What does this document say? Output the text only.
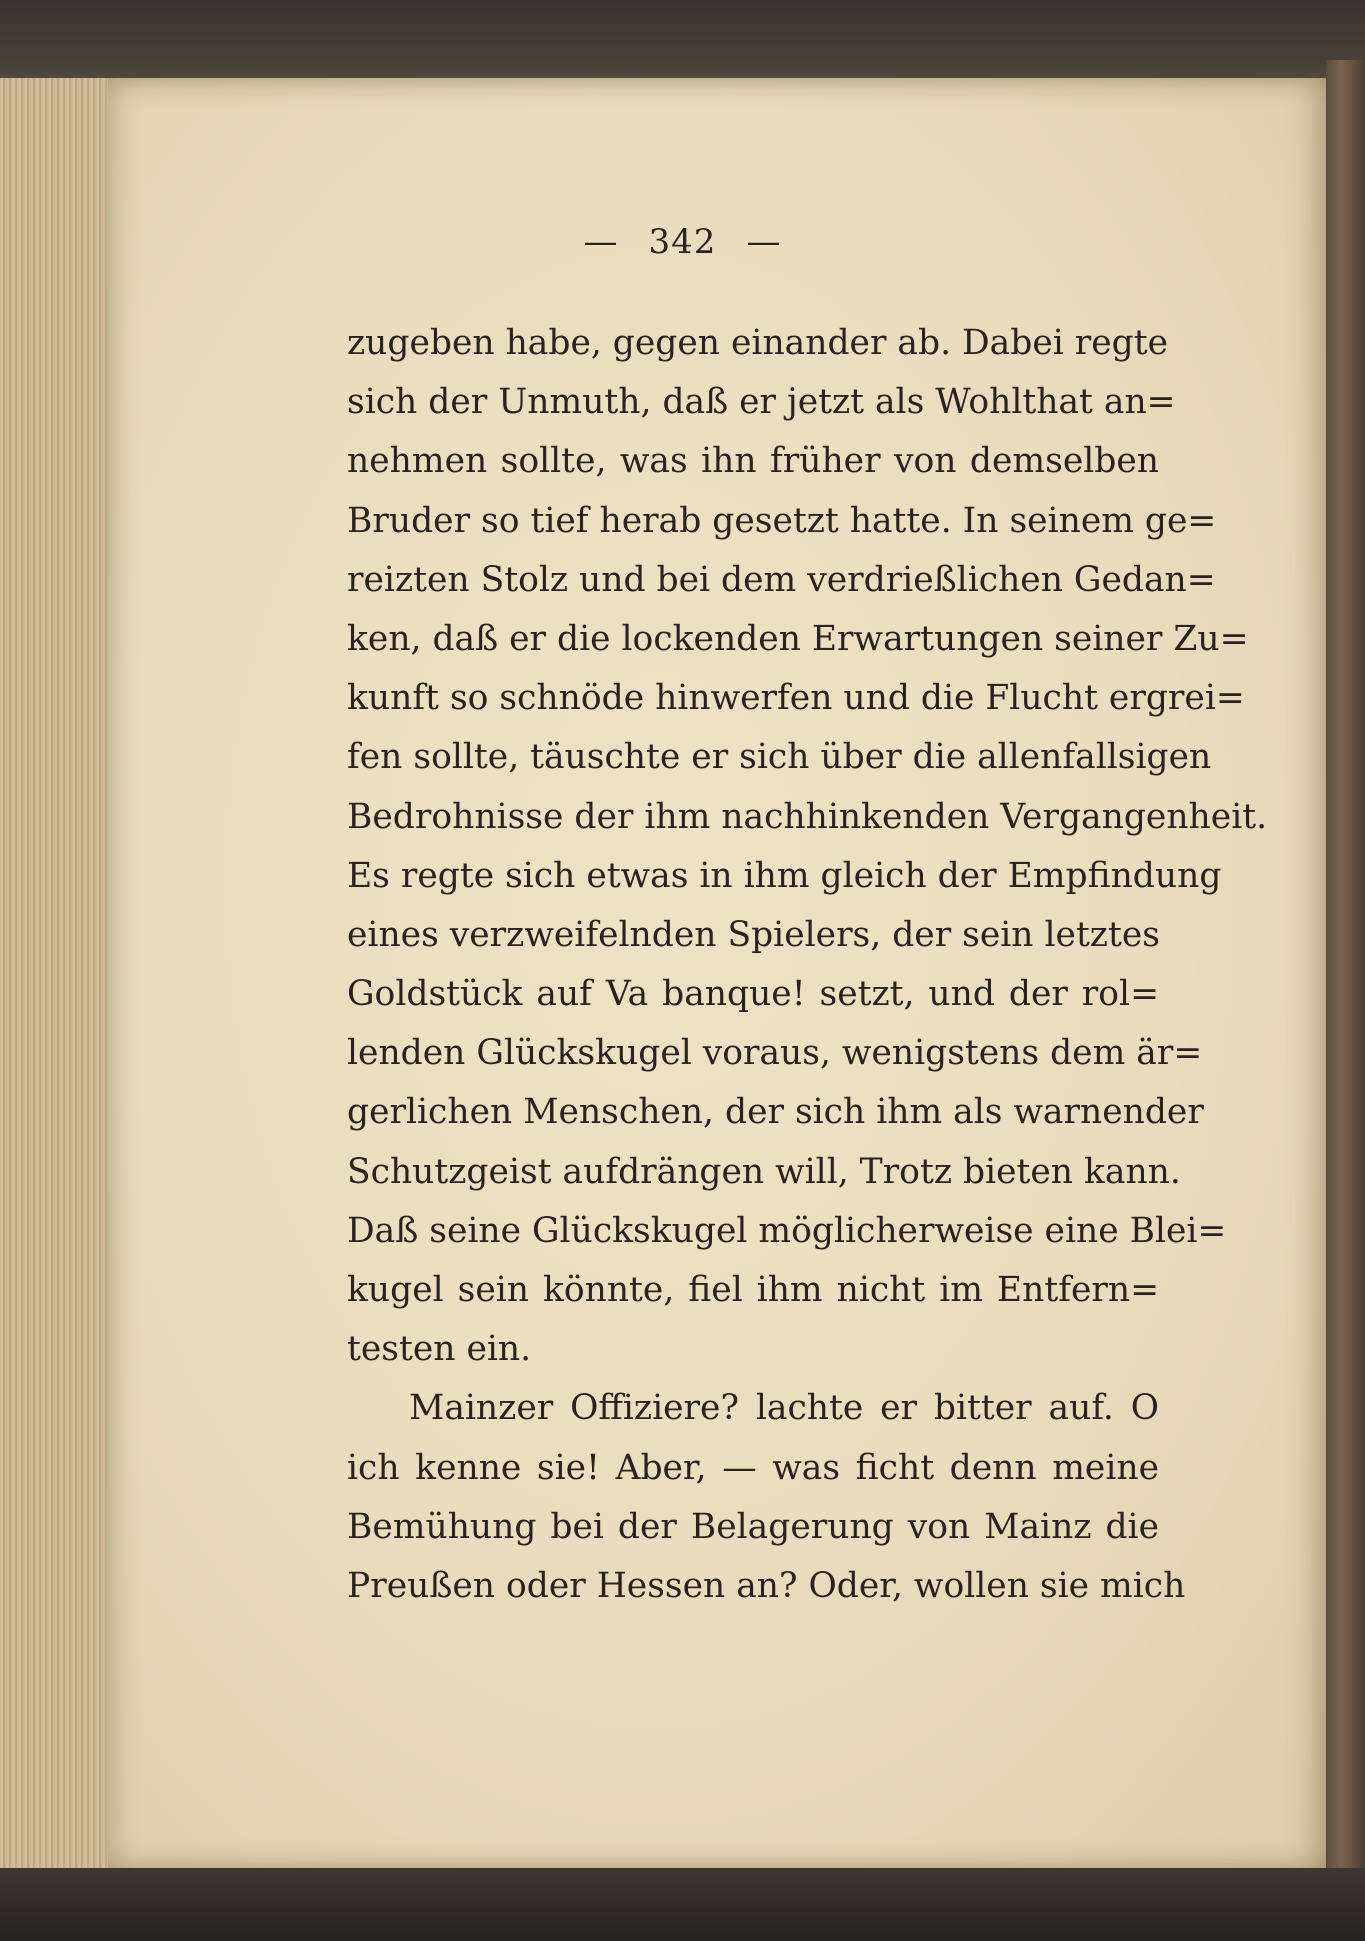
— 342 —
zugeben habe, gegen einander ab. Dabei regte
sich der Unmuth, daß er jetzt als Wohlthat an=
nehmen sollte, was ihn früher von demselben
Bruder so tief herab gesetzt hatte. In seinem ge=
reizten Stolz und bei dem verdrießlichen Gedan=
ken, daß er die lockenden Erwartungen seiner Zu=
kunft so schnöde hinwerfen und die Flucht ergrei=
fen sollte, täuschte er sich über die allenfallsigen
Bedrohnisse der ihm nachhinkenden Vergangenheit.
Es regte sich etwas in ihm gleich der Empfindung
eines verzweifelnden Spielers, der sein letztes
Goldstück auf Va banque! setzt, und der rol=
lenden Glückskugel voraus, wenigstens dem är=
gerlichen Menschen, der sich ihm als warnender
Schutzgeist aufdrängen will, Trotz bieten kann.
Daß seine Glückskugel möglicherweise eine Blei=
kugel sein könnte, fiel ihm nicht im Entfern=
testen ein.
Mainzer Offiziere? lachte er bitter auf. O
ich kenne sie! Aber, — was ficht denn meine
Bemühung bei der Belagerung von Mainz die
Preußen oder Hessen an? Oder, wollen sie mich
